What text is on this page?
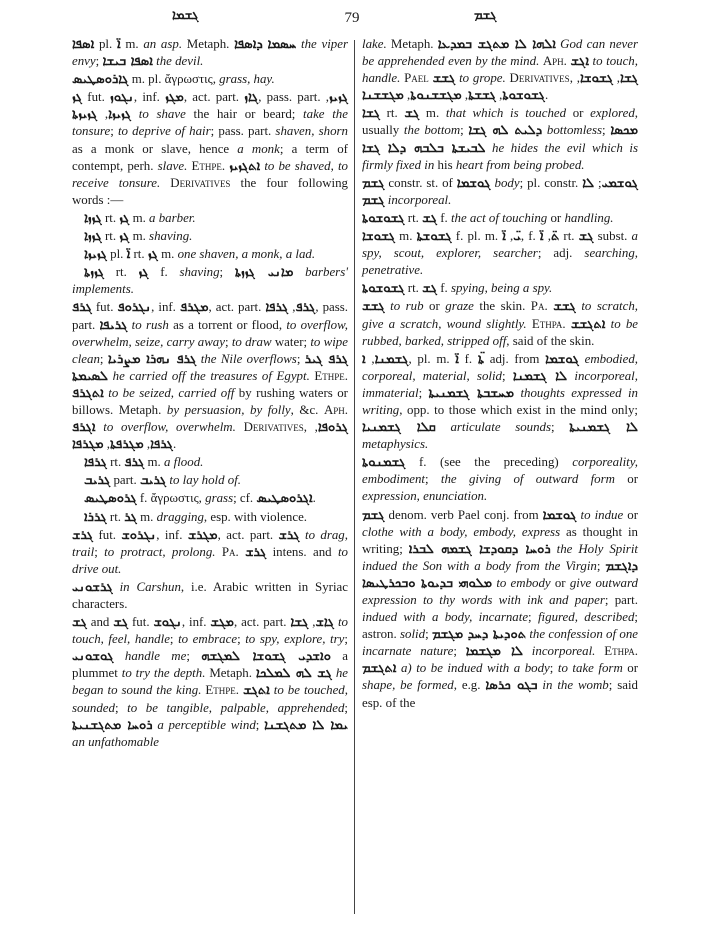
ܓܫܡܐ	79	ܓܫܡ

ܐܣܦܐ pl. ܐ̈ m. an asp. Metaph.	ܚܣܡܐ ܕܐܣܦܐ	the viper envy; ܐܣܦܐ ܒܝܫܐ the devil.

ܓܐܪܘܣܛܝܣ m. pl. ἄγρωστις, grass, hay.

ܓܙ fut. ܢܓܘܙ, inf. ܡܓܙ, act. part. ܓܐܙ, pass. part. ܓܙܝܙ, ܓܙܝܙܐ, ܓܙܝܙܬܐ	to shave the hair or beard; take the tonsure; to deprive of hair; pass. part. shaven, shorn as a monk or slave, hence a monk; a term of contempt, perh. slave. Ethpe. ܐܬܓܙܝܙ to be shaved, to receive tonsure. Derivatives the four following words :—

ܓܙܙܐ rt. ܓܙ m. a barber.

ܓܙܙܐ rt. ܓܙ m. shaving.

ܓܙܝܙܐ pl. ܐ̈ rt. ܓܙ m. one shaven, a monk, a lad.

ܓܙܙܬܐ rt. ܓܙ f. shaving; ܡܐܢܝ ܓܙܙܬܐ barbers' implements.

ܓܪܦ fut. ܢܓܪܘܦ, inf. ܡܓܪܦ, act. part. ܓܪܦ, ܓܪܦܐ , pass. part. ܓܪܝܦܐ to rush as a torrent or flood, to overflow, overwhelm, seize, carry away; to draw water; to wipe clean; ܓܪܦ ܢܗܪܐ ܡܨܪܝܐ the Nile overflows; ܓܪܦ ܓܝܪ ܠܣܝܡܬܐ he carried off the treasures of Egypt. Ethpe. ܐܬܓܪܦ to be seized, carried off by rushing waters or billows. Metaph. by persuasion, by folly, &c. Aph. ܐܓܪܦ to overflow, overwhelm. Derivatives, ܓܪܘܦܐ, ܓܪܦܐ, ܡܓܪܦܬܐ, ܡܓܪܦܐ	.

ܓܪܦܐ rt. ܓܪܦ m. a flood.

ܓܪܝܒ part. ܓܪܝܒ to lay hold of.

ܓܪܘܣܛܝܣ f. ἄγρωστις, grass; cf. ܐܓܪܘܣܛܝܣ.

ܓܪܪܐ rt. ܓܪ m. dragging, esp. with violence.

ܓܪܫ fut. ܢܓܪܘܫ, inf. ܡܓܪܫ, act. part. ܓܪܫ to drag, trail; to protract, prolong. Pa. ܓܪܫ intens. and to drive out.

ܓܪܫܘܢܝ in Carshun, i.e. Arabic written in Syriac characters.

ܓܫ and ܓܫ fut. ܢܓܘܫ, inf. ܡܓܫ, act. part. ܓܐܫ, ܓܫܐ to touch, feel, handle; to embrace; to spy, explore, try; ܓܘܫܘܢܝ handle me; ܘܐܫܕܝ ܓܫܘܫܐ ܠܡܓܫܗ a plummet to try the depth. Metaph. ܓܫ ܠܗ ܠܡܠܟܐ he began to sound the king. Ethpe. ܐܬܓܫ to be touched, sounded; to be tangible, palpable, apprehended; ܪܘܚܐ ܡܬܓܫܢܝܬܐ a perceptible wind; ܝܡܐ ܠܐ ܡܬܓܫܢܐ an unfathomable

lake. Metaph. ܐܠܗܐ ܠܐ ܡܬܓܫ ܒܡܕܥܐ God can never be apprehended even by the mind. Aph. ܐܓܫ to touch, handle. Pael ܓܫܫ to grope. Derivatives,	ܓܫܐ, ܓܫܘܫܐ, ܓܫܘܫܘܬܐ, ܓܫܫܬܐ, ܡܓܫܫܢܘܬܐ, ܡܓܫܫܢܐ	.

ܓܫܐ rt. ܓܫ m. that which is touched or explored, usually the bottom; ܕܠܝܬ ܠܗ ܓܫܐ bottomless; ܡܟܣܐ ܠܒܝܫܬܐ ܒܠܒܗ ܕܠܐ ܓܫܐ he hides the evil which is firmly fixed in his heart from being probed.

ܓܫܡ constr. st. of ܓܘܫܡܐ body; pl. constr. ܓܘܫܡܝ; ܠܐ ܓܫܡ incorporeal.

ܓܫܘܫܘܬܐ rt. ܓܫ f. the act of touching or handling.

ܓܫܘܫܐ m. ܓܫܘܫܬܐ f. pl. m. ܝ̈, ܐ̈ , f. ܬ̈, ܐ̈ rt. ܓܫ subst. a spy, scout, explorer, searcher; adj. searching, penetrative.

ܓܫܘܫܘܬܐ rt. ܓܫ f. spying, being a spy.

ܓܫܫ to rub or graze the skin. Pa. ܓܫܫ to scratch, give a scratch, wound slightly. Ethpa. ܐܬܓܫܫ to be rubbed, barked, stripped off, said of the skin.

ܓܫܡܢܐ, ܐ	, pl. m. ܐ̈ f. ܬܐ̈ adj. from ܓܘܫܡܐ embodied, corporeal, material, solid; ܠܐ ܓܫܡܢܐ incorporeal, immaterial; ܡܚܫܒܬܐ ܓܫܡܢܝܬܐ thoughts expressed in writing, opp. to those which exist in the mind only; ܩܠܐ ܓܫܡܢܝܐ articulate sounds; ܠܐ ܓܫܡܢܝܬܐ metaphysics.

ܓܫܡܢܘܬܐ f. (see the preceding) corporeality, embodiment; the giving of outward form or expression, enunciation.

ܓܫܡ denom. verb Pael conj. from ܓܘܫܡܐ to indue or clothe with a body, embody, express as thought in writing; ܪܘܚܐ ܕܩܘܕܫܐ ܓܫܡܗ ܠܒܪܐ the Holy Spirit indued the Son with a body from the Virgin; ܕܐܓܫܡ ܡܠܘܗܝ ܒܕܝܘܬܐ ܘܒܟܪܛܝܣܐ to embody or give outward expression to thy words with ink and paper; part. indued with a body, incarnate; figured, described; astron. solid; ܬܘܕܝܬܐ ܕܚܕ ܡܓܫܡ the confession of one incarnate nature; ܠܐ ܡܓܫܡܐ incorporeal. Ethpa. ܐܬܓܫܡ a) to be indued with a body; to take form or shape, be formed, e.g. ܒܓܘ ܟܪܣܐ in the womb; said esp. of the
